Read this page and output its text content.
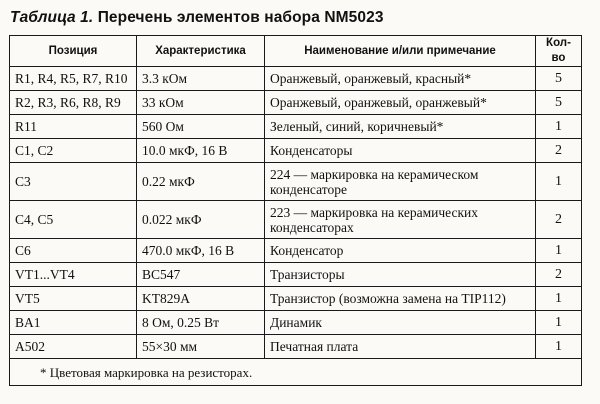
Таблица 1. Перечень элементов набора NM5023
Позиция	Характеристика	Наименование и/или примечание	Кол-во
R1, R4, R5, R7, R10	3.3 кОм	Оранжевый, оранжевый, красный*	5
R2, R3, R6, R8, R9	33 кОм	Оранжевый, оранжевый, оранжевый*	5
R11	560 Ом	Зеленый, синий, коричневый*	1
C1, C2	10.0 мкФ, 16 В	Конденсаторы	2
C3	0.22 мкФ	224 — маркировка на керамическом конденсаторе	1
C4, C5	0.022 мкФ	223 — маркировка на керамических конденсаторах	2
C6	470.0 мкФ, 16 В	Конденсатор	1
VT1...VT4	BC547	Транзисторы	2
VT5	KT829A	Транзистор (возможна замена на TIP112)	1
BA1	8 Ом, 0.25 Вт	Динамик	1
A502	55×30 мм	Печатная плата	1
* Цветовая маркировка на резисторах.			
